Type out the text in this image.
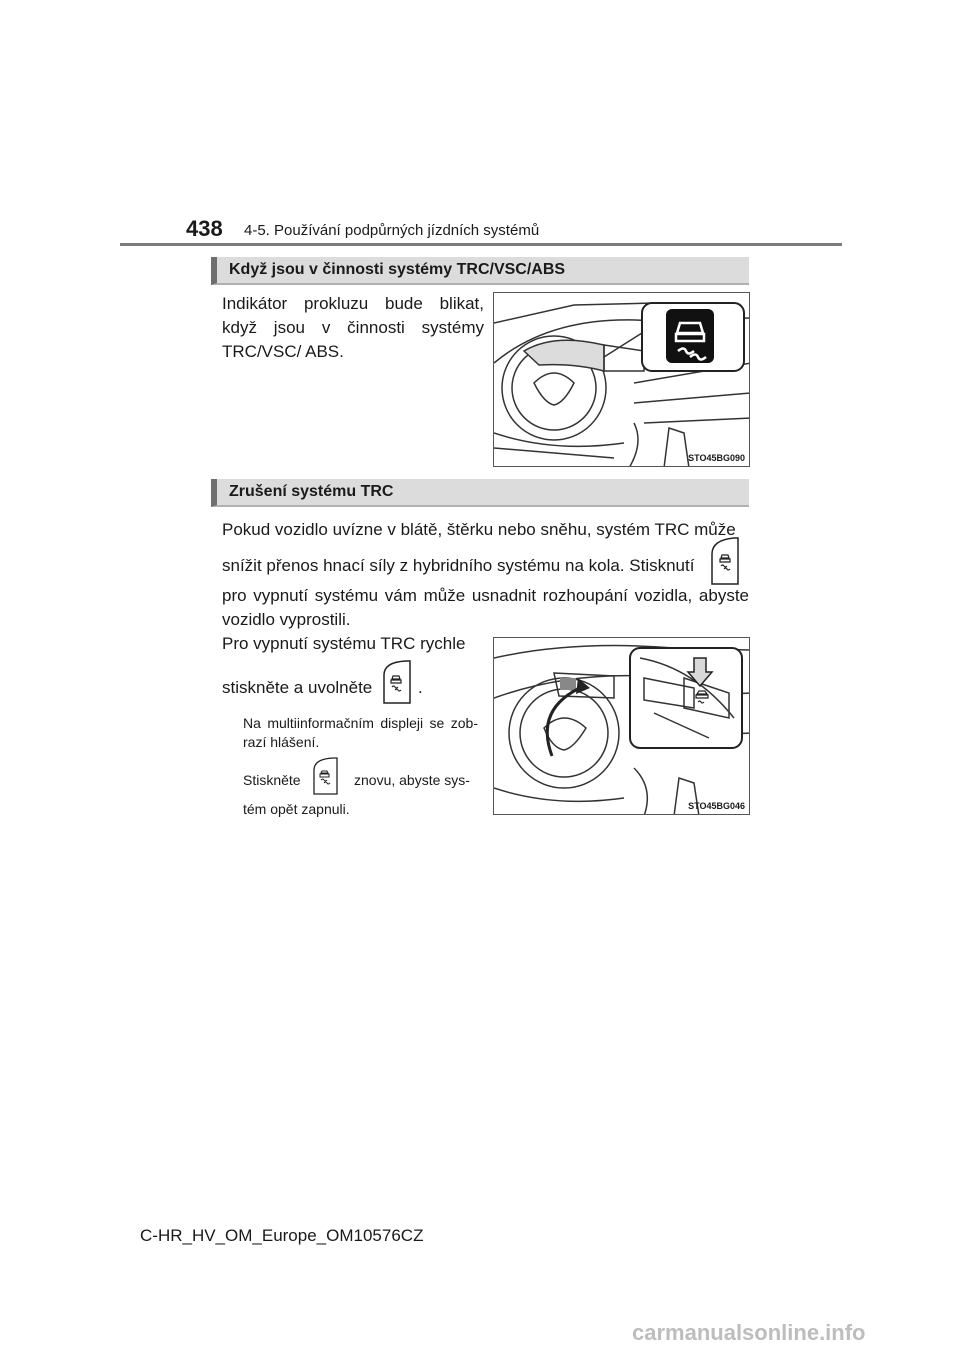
438 4-5. Používání podpůrných jízdních systémů
Když jsou v činnosti systémy TRC/VSC/ABS
Indikátor prokluzu bude blikat, když jsou v činnosti systémy TRC/VSC/ ABS.
STO45BG090
Zrušení systému TRC
Pokud vozidlo uvízne v blátě, štěrku nebo sněhu, systém TRC může
snížit přenos hnací síly z hybridního systému na kola. Stisknutí
pro vypnutí systému vám může usnadnit rozhoupání vozidla, abyste vozidlo vyprostili.
Pro vypnutí systému TRC rychle
stiskněte a uvolněte	.
Na multiinformačním displeji se zob- razí hlášení.
Stiskněte	znovu, abyste sys-
tém opět zapnuli.	STO45BG046
C-HR_HV_OM_Europe_OM10576CZ
carmanualsonline.info
